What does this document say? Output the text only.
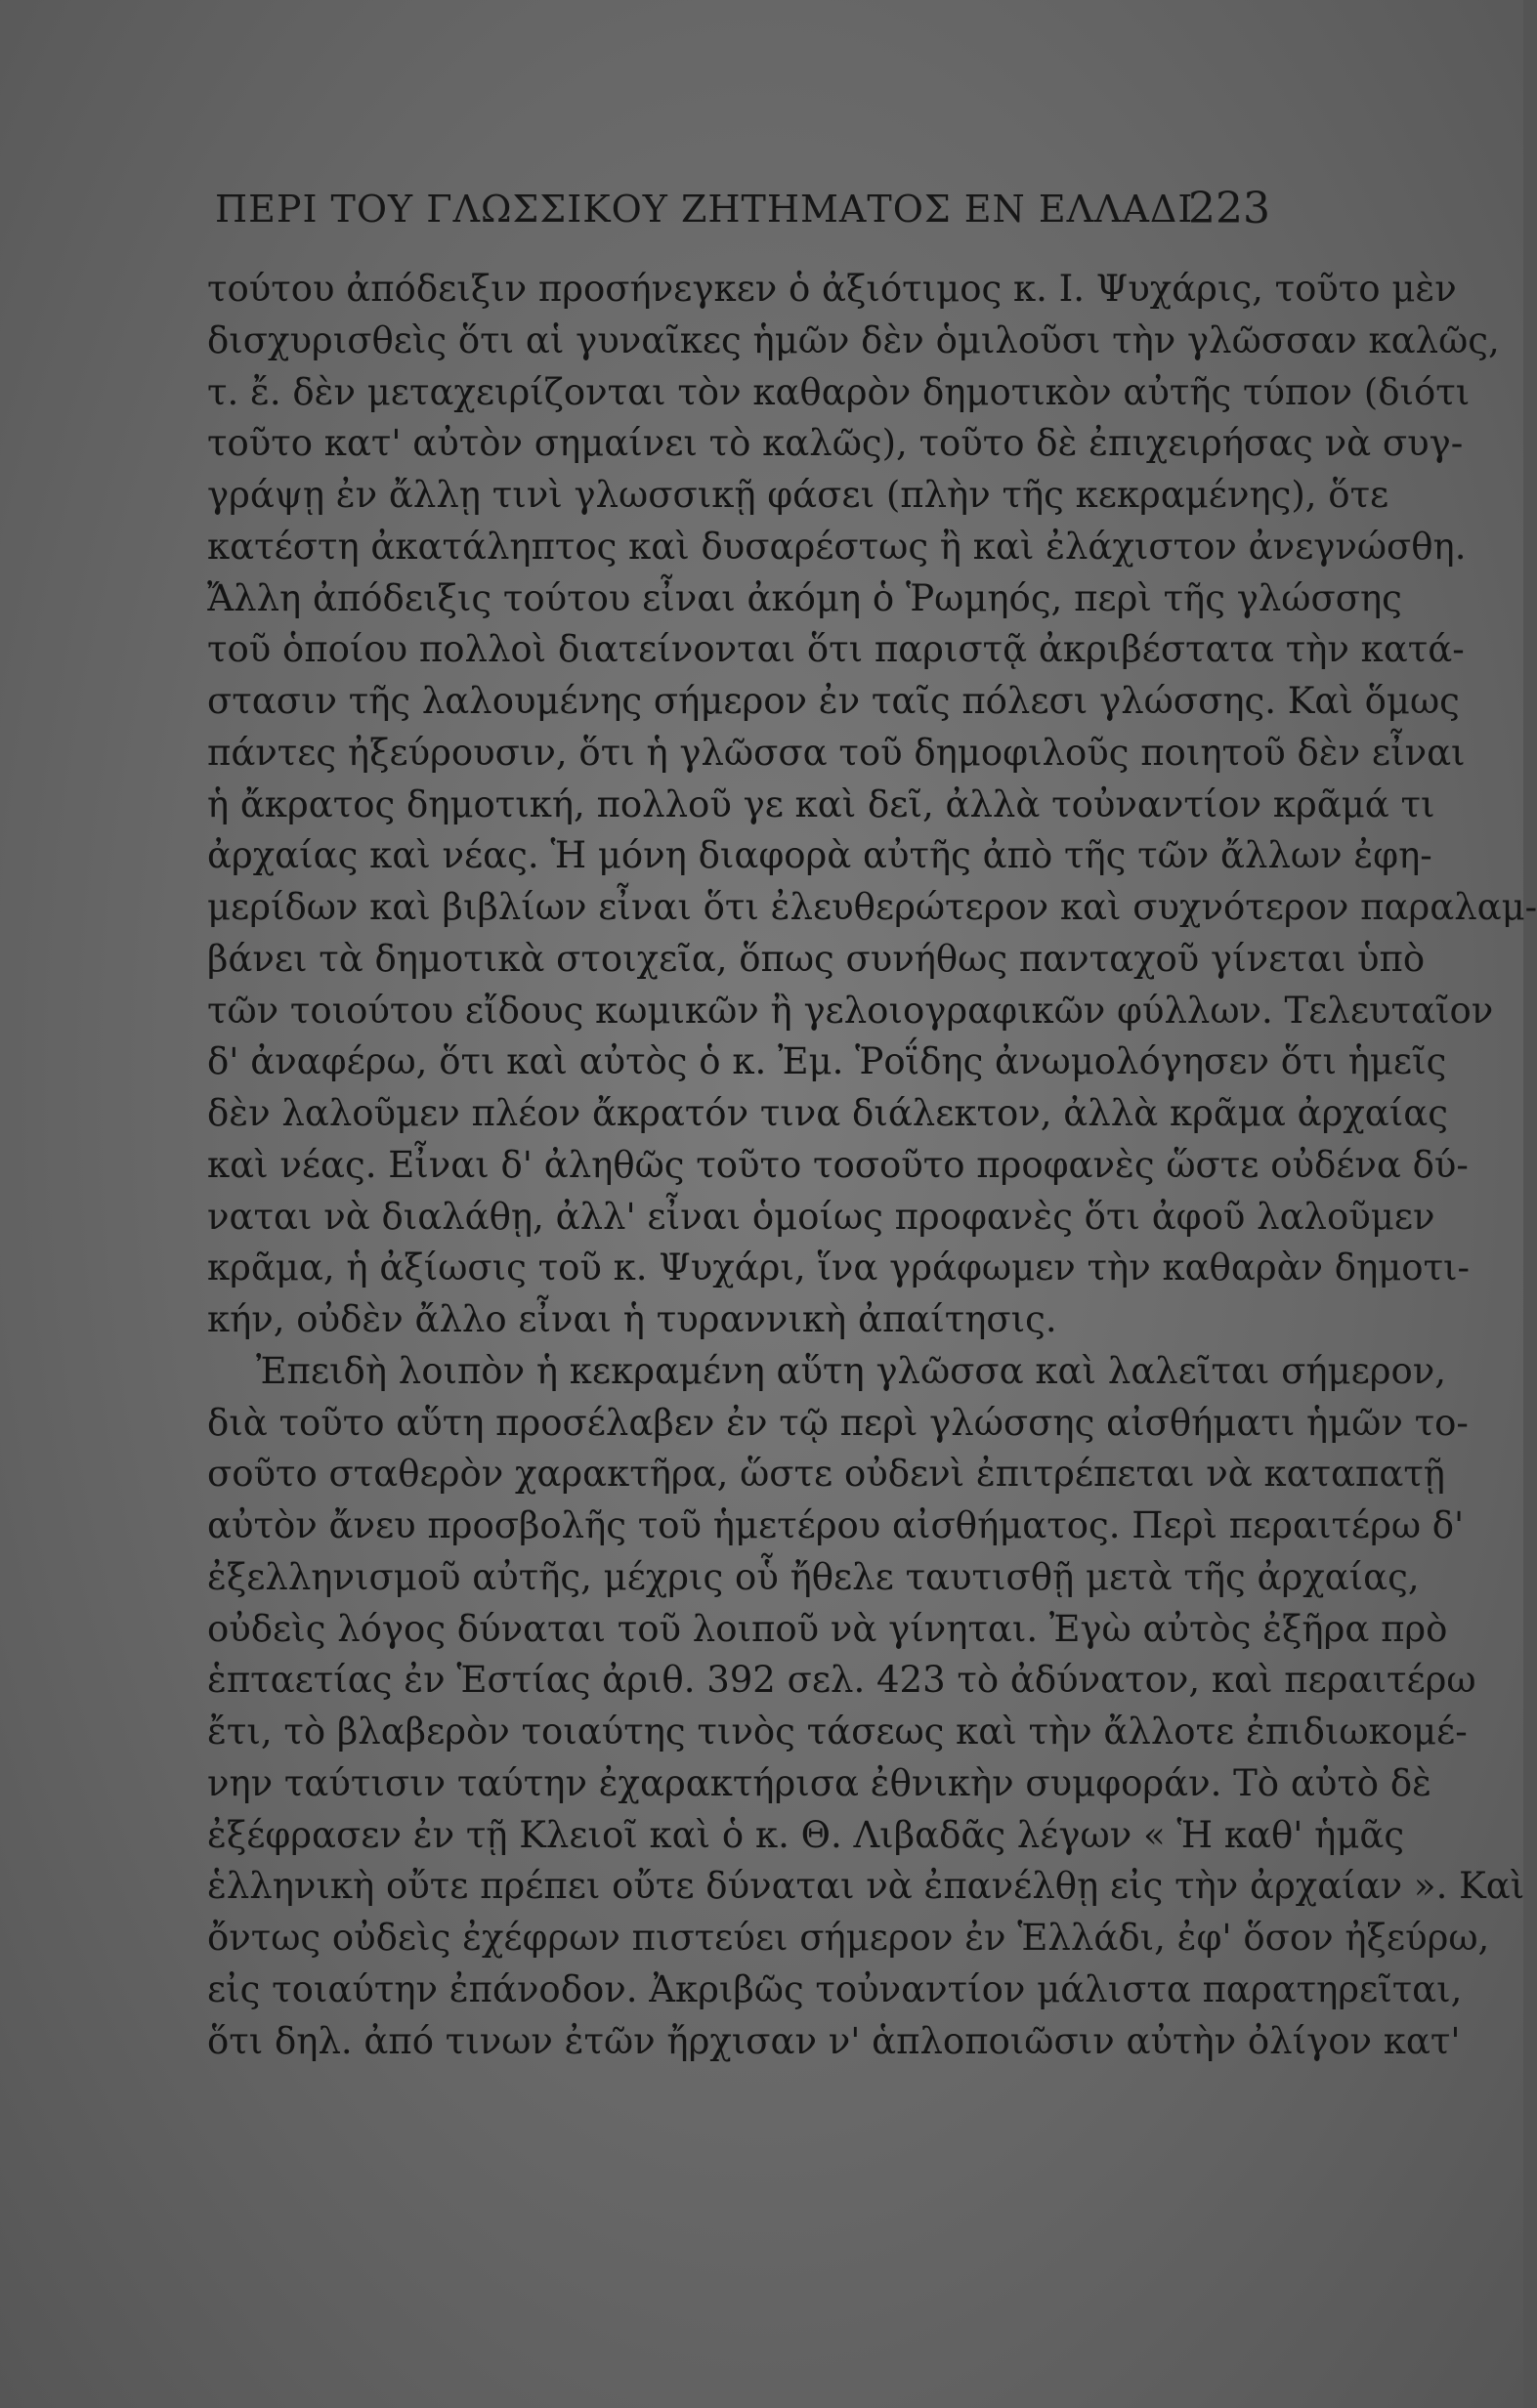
ΠΕΡΙ ΤΟΥ ΓΛΩΣΣΙΚΟΥ ΖΗΤΗΜΑΤΟΣ ΕΝ ΕΛΛΑΔΙ
223
τούτου ἀπόδειξιν προσήνεγκεν ὁ ἀξιότιμος κ. Ι. Ψυχάρις, τοῦτο μὲν
δισχυρισθεὶς ὅτι αἱ γυναῖκες ἡμῶν δὲν ὁμιλοῦσι τὴν γλῶσσαν καλῶς,
τ. ἔ. δὲν μεταχειρίζονται τὸν καθαρὸν δημοτικὸν αὐτῆς τύπον (διότι
τοῦτο κατ' αὐτὸν σημαίνει τὸ καλῶς), τοῦτο δὲ ἐπιχειρήσας νὰ συγ-
γράψῃ ἐν ἄλλῃ τινὶ γλωσσικῇ φάσει (πλὴν τῆς κεκραμένης), ὅτε
κατέστη ἀκατάληπτος καὶ δυσαρέστως ἢ καὶ ἐλάχιστον ἀνεγνώσθη.
Ἄλλη ἀπόδειξις τούτου εἶναι ἀκόμη ὁ Ῥωμηός, περὶ τῆς γλώσσης
τοῦ ὁποίου πολλοὶ διατείνονται ὅτι παριστᾷ ἀκριβέστατα τὴν κατά-
στασιν τῆς λαλουμένης σήμερον ἐν ταῖς πόλεσι γλώσσης. Καὶ ὅμως
πάντες ἠξεύρουσιν, ὅτι ἡ γλῶσσα τοῦ δημοφιλοῦς ποιητοῦ δὲν εἶναι
ἡ ἄκρατος δημοτική, πολλοῦ γε καὶ δεῖ, ἀλλὰ τοὐναντίον κρᾶμά τι
ἀρχαίας καὶ νέας. Ἡ μόνη διαφορὰ αὐτῆς ἀπὸ τῆς τῶν ἄλλων ἐφη-
μερίδων καὶ βιβλίων εἶναι ὅτι ἐλευθερώτερον καὶ συχνότερον παραλαμ-
βάνει τὰ δημοτικὰ στοιχεῖα, ὅπως συνήθως πανταχοῦ γίνεται ὑπὸ
τῶν τοιούτου εἴδους κωμικῶν ἢ γελοιογραφικῶν φύλλων. Τελευταῖον
δ' ἀναφέρω, ὅτι καὶ αὐτὸς ὁ κ. Ἐμ. Ῥοΐδης ἀνωμολόγησεν ὅτι ἡμεῖς
δὲν λαλοῦμεν πλέον ἄκρατόν τινα διάλεκτον, ἀλλὰ κρᾶμα ἀρχαίας
καὶ νέας. Εἶναι δ' ἀληθῶς τοῦτο τοσοῦτο προφανὲς ὥστε οὐδένα δύ-
ναται νὰ διαλάθῃ, ἀλλ' εἶναι ὁμοίως προφανὲς ὅτι ἀφοῦ λαλοῦμεν
κρᾶμα, ἡ ἀξίωσις τοῦ κ. Ψυχάρι, ἵνα γράφωμεν τὴν καθαρὰν δημοτι-
κήν, οὐδὲν ἄλλο εἶναι ἡ τυραννικὴ ἀπαίτησις.
Ἐπειδὴ λοιπὸν ἡ κεκραμένη αὕτη γλῶσσα καὶ λαλεῖται σήμερον,
διὰ τοῦτο αὕτη προσέλαβεν ἐν τῷ περὶ γλώσσης αἰσθήματι ἡμῶν το-
σοῦτο σταθερὸν χαρακτῆρα, ὥστε οὐδενὶ ἐπιτρέπεται νὰ καταπατῇ
αὐτὸν ἄνευ προσβολῆς τοῦ ἡμετέρου αἰσθήματος. Περὶ περαιτέρω δ'
ἐξελληνισμοῦ αὐτῆς, μέχρις οὗ ἤθελε ταυτισθῇ μετὰ τῆς ἀρχαίας,
οὐδεὶς λόγος δύναται τοῦ λοιποῦ νὰ γίνηται. Ἐγὼ αὐτὸς ἐξῆρα πρὸ
ἑπταετίας ἐν Ἑστίας ἀριθ. 392 σελ. 423 τὸ ἀδύνατον, καὶ περαιτέρω
ἔτι, τὸ βλαβερὸν τοιαύτης τινὸς τάσεως καὶ τὴν ἄλλοτε ἐπιδιωκομέ-
νην ταύτισιν ταύτην ἐχαρακτήρισα ἐθνικὴν συμφοράν. Τὸ αὐτὸ δὲ
ἐξέφρασεν ἐν τῇ Κλειοῖ καὶ ὁ κ. Θ. Λιβαδᾶς λέγων « Ἡ καθ' ἡμᾶς
ἑλληνικὴ οὔτε πρέπει οὔτε δύναται νὰ ἐπανέλθῃ εἰς τὴν ἀρχαίαν ». Καὶ
ὄντως οὐδεὶς ἐχέφρων πιστεύει σήμερον ἐν Ἑλλάδι, ἐφ' ὅσον ἠξεύρω,
εἰς τοιαύτην ἐπάνοδον. Ἀκριβῶς τοὐναντίον μάλιστα παρατηρεῖται,
ὅτι δηλ. ἀπό τινων ἐτῶν ἤρχισαν ν' ἁπλοποιῶσιν αὐτὴν ὀλίγον κατ'
